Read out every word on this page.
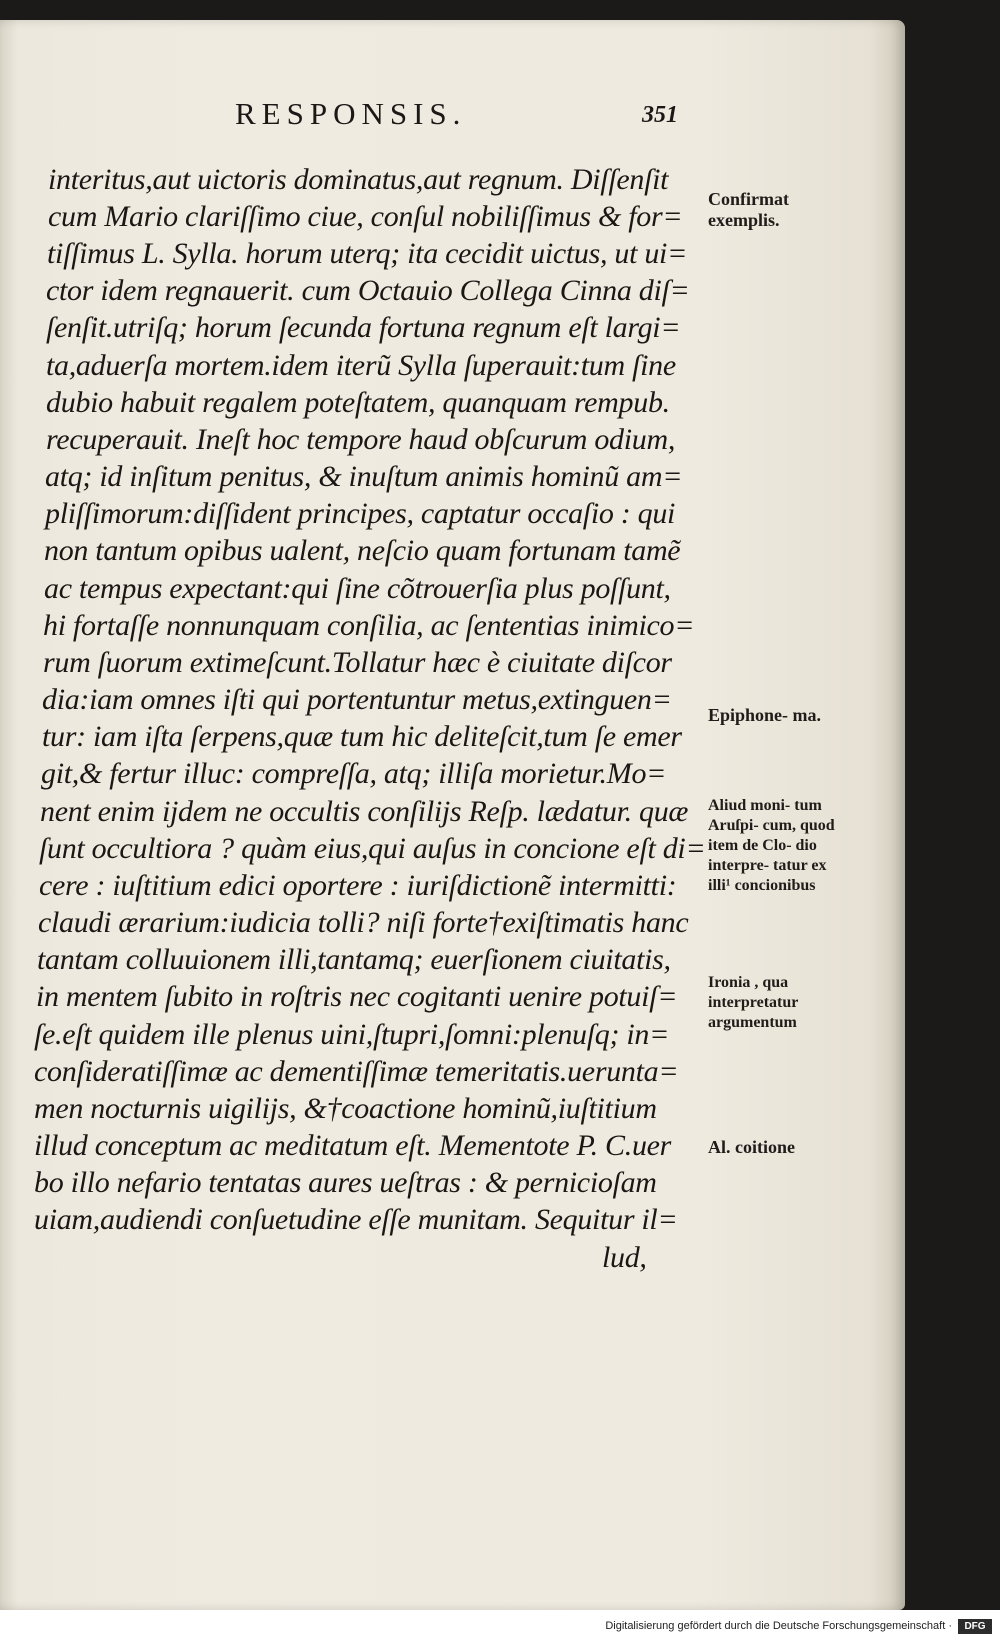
RESPONSIS.	351
interitus,aut uictoris dominatus,aut regnum. Diſſenſit
cum Mario clariſſimo ciue, conſul nobiliſſimus & for=
tiſſimus L. Sylla. horum uterq; ita cecidit uictus, ut ui=
ctor idem regnauerit. cum Octauio Collega Cinna diſ=
ſenſit.utriſq; horum ſecunda fortuna regnum eſt largi=
ta,aduerſa mortem.idem iterũ Sylla ſuperauit:tum ſine
dubio habuit regalem poteſtatem, quanquam rempub.
recuperauit. Ineſt hoc tempore haud obſcurum odium,
atq; id inſitum penitus, & inuſtum animis hominũ am=
pliſſimorum:diſſident principes, captatur occaſio : qui
non tantum opibus ualent, neſcio quam fortunam tamẽ
ac tempus expectant:qui ſine cõtrouerſia plus poſſunt,
hi fortaſſe nonnunquam conſilia, ac ſententias inimico=
rum ſuorum extimeſcunt.Tollatur hæc è ciuitate diſcor
dia:iam omnes iſti qui portentuntur metus,extinguen=
tur: iam iſta ſerpens,quæ tum hic deliteſcit,tum ſe emer
git,& fertur illuc: compreſſa, atq; illiſa morietur.Mo=
nent enim ijdem ne occultis conſilijs Reſp. lædatur. quæ
ſunt occultiora ? quàm eius,qui auſus in concione eſt di=
cere : iuſtitium edici oportere : iuriſdictionẽ intermitti:
claudi ærarium:iudicia tolli? niſi forte†exiſtimatis hanc
tantam colluuionem illi,tantamq; euerſionem ciuitatis,
in mentem ſubito in roſtris nec cogitanti uenire potuiſ=
ſe.eſt quidem ille plenus uini,ſtupri,ſomni:plenuſq; in=
conſideratiſſimæ ac dementiſſimæ temeritatis.ueruntа=
men nocturnis uigilijs, &†coactione hominũ,iuſtitium
illud conceptum ac meditatum eſt. Mementote P. C.uer
bo illo nefario tentatas aures ueſtras : & pernicioſam
uiam,audiendi conſuetudine eſſe munitam. Sequitur il=
lud,
Confirmat exemplis.
Epiphone- ma.
Aliud moni- tum Aruſpi- cum, quod item de Clo- dio interpre- tatur ex illi¹ concionibus
Ironia , qua interpretatur argumentum
Al. coitione
Digitalisierung gefördert durch die Deutsche Forschungsgemeinschaft ·	DFG
